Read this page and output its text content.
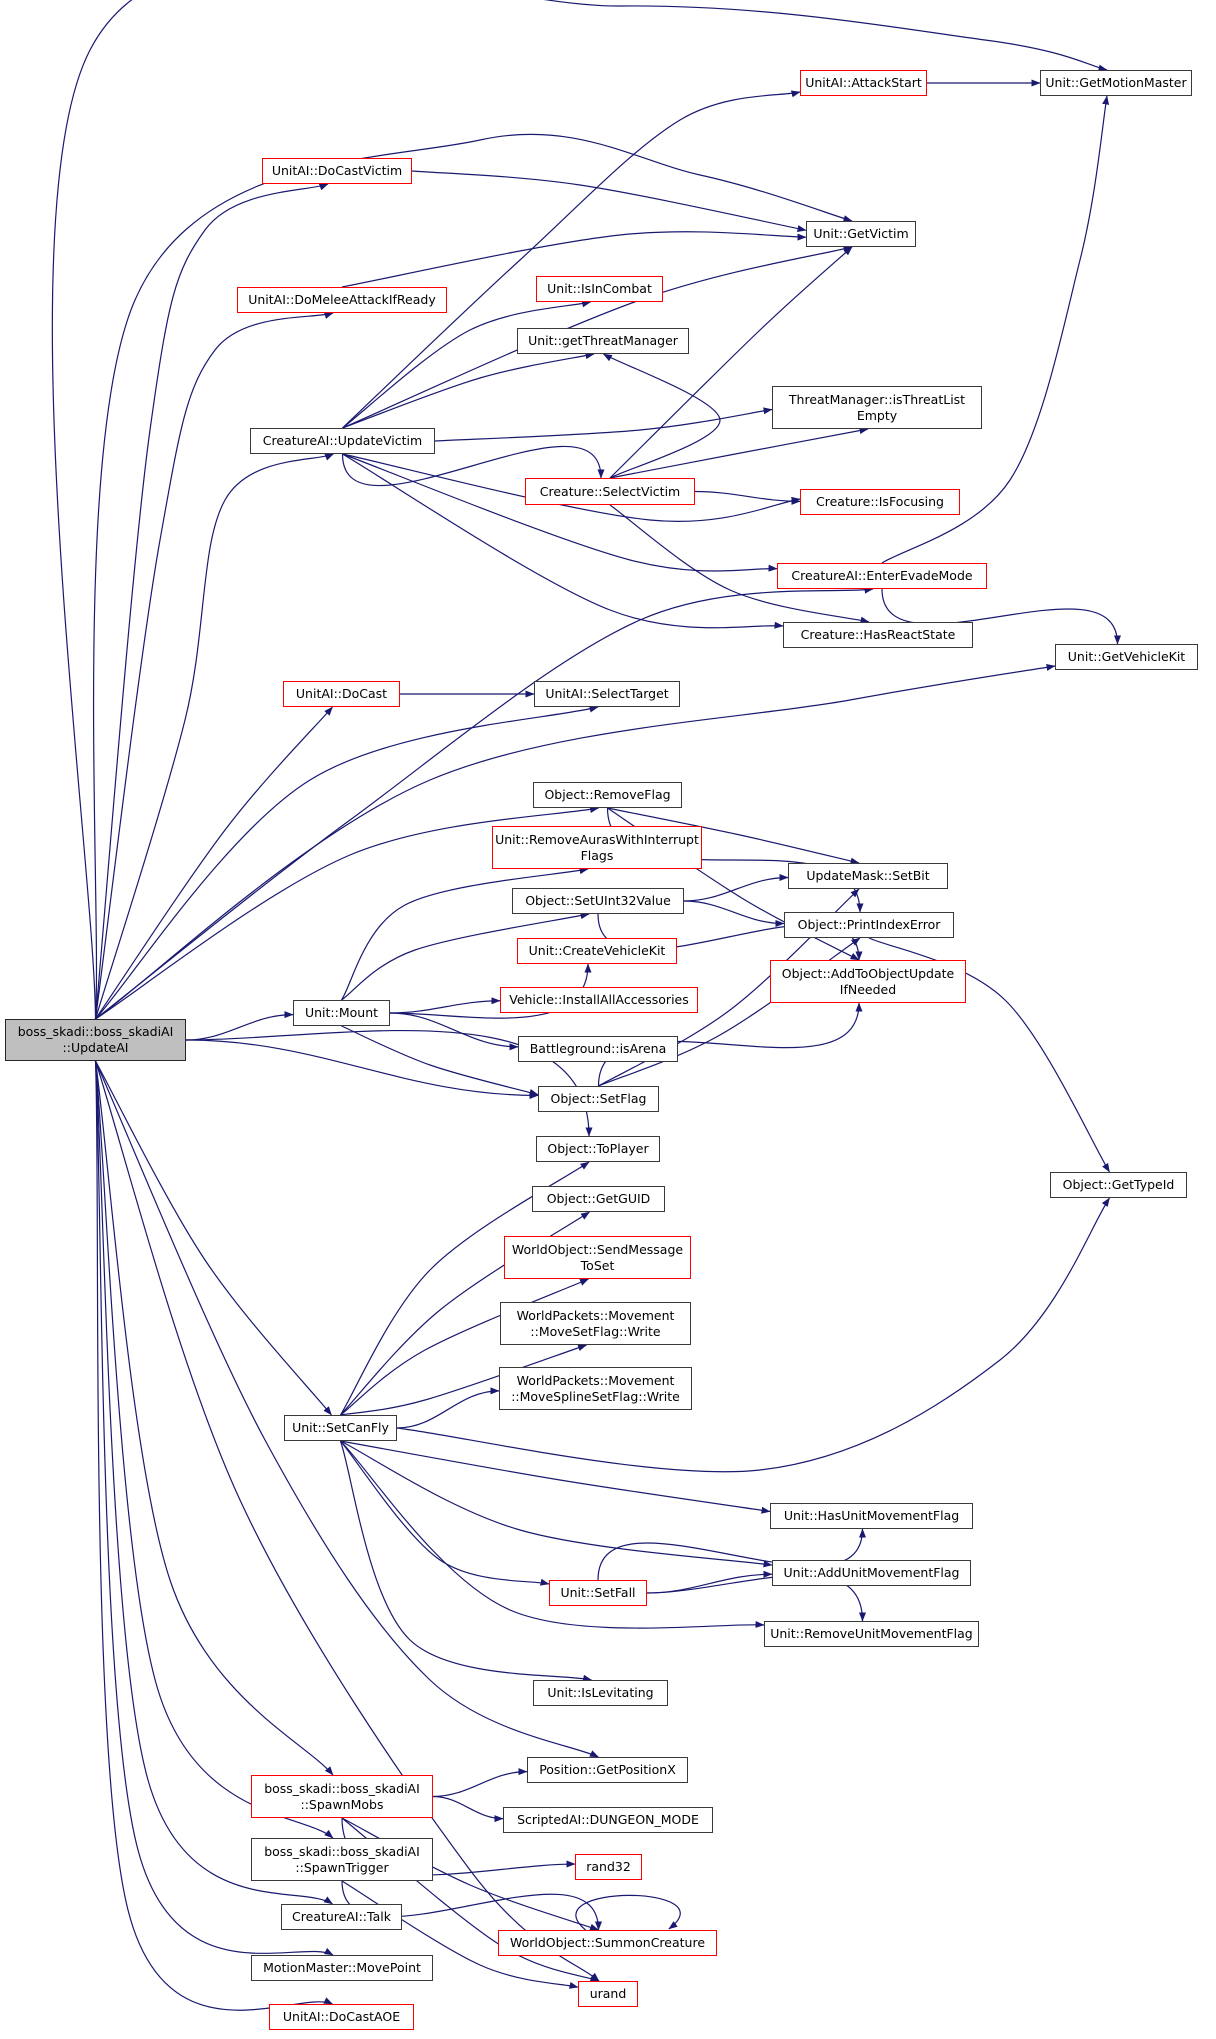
boss_skadi::boss_skadiAI
::UpdateAI
UnitAI::AttackStart	Unit::GetMotionMaster
UnitAI::DoCastVictim
Unit::GetVictim
UnitAI::DoMeleeAttackIfReady
Unit::IsInCombat
Unit::getThreatManager
ThreatManager::isThreatList
Empty
CreatureAI::UpdateVictim
Creature::SelectVictim
Creature::IsFocusing
CreatureAI::EnterEvadeMode
Creature::HasReactState
Unit::GetVehicleKit
UnitAI::DoCast	UnitAI::SelectTarget
Object::RemoveFlag
Unit::RemoveAurasWithInterrupt
Flags
Object::SetUInt32Value
UpdateMask::SetBit
Object::PrintIndexError
Unit::CreateVehicleKit
Object::AddToObjectUpdate
IfNeeded
Vehicle::InstallAllAccessories
Unit::Mount
Battleground::isArena
Object::SetFlag
Object::ToPlayer
Object::GetTypeId
Object::GetGUID
WorldObject::SendMessage
ToSet
WorldPackets::Movement
::MoveSetFlag::Write
WorldPackets::Movement
::MoveSplineSetFlag::Write
Unit::SetCanFly
Unit::HasUnitMovementFlag
Unit::AddUnitMovementFlag
Unit::SetFall
Unit::RemoveUnitMovementFlag
Unit::IsLevitating
Position::GetPositionX
boss_skadi::boss_skadiAI
::SpawnMobs
ScriptedAI::DUNGEON_MODE
boss_skadi::boss_skadiAI
::SpawnTrigger	rand32
CreatureAI::Talk
WorldObject::SummonCreature
MotionMaster::MovePoint
urand
UnitAI::DoCastAOE
